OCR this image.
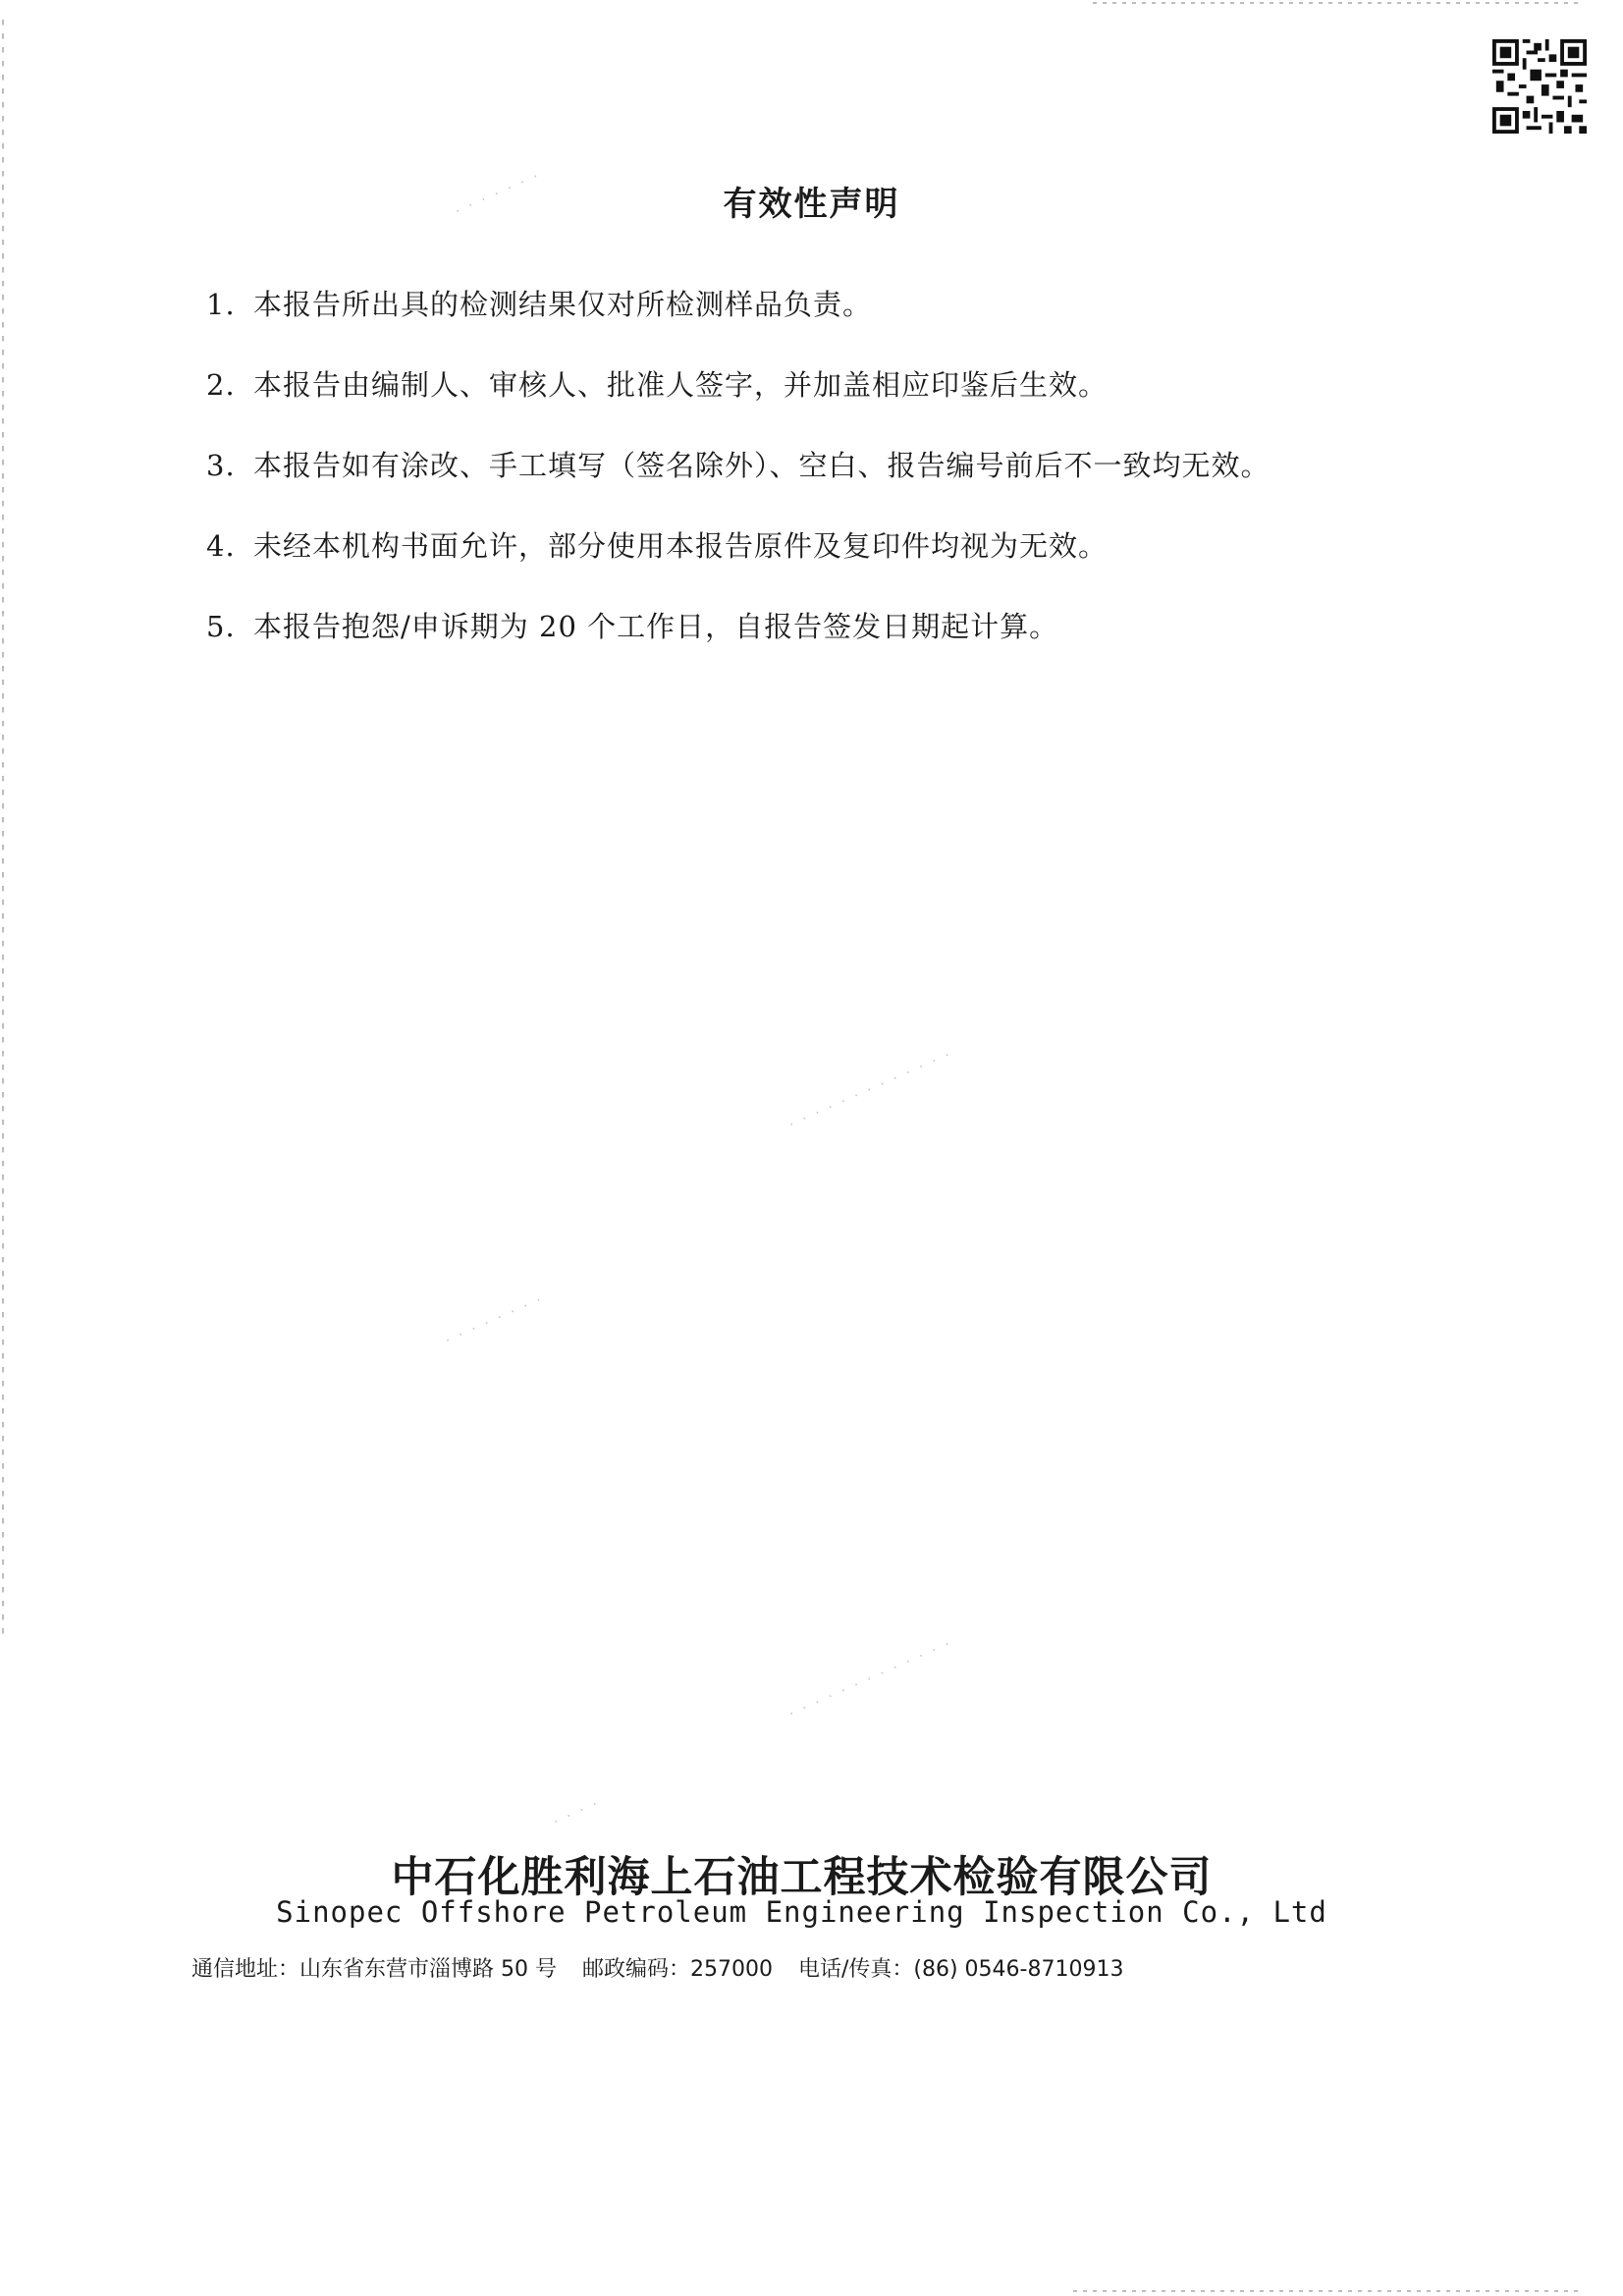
有效性声明
1. 本报告所出具的检测结果仅对所检测样品负责。
2. 本报告由编制人、审核人、批准人签字，并加盖相应印鉴后生效。
3. 本报告如有涂改、手工填写（签名除外）、空白、报告编号前后不一致均无效。
4. 未经本机构书面允许，部分使用本报告原件及复印件均视为无效。
5. 本报告抱怨/申诉期为 20 个工作日，自报告签发日期起计算。
· · · · · · ·
· · · · · · · · · · · · ·
· · · · · · · ·
· · · · · · · · · · · · ·
· · · ·
中石化胜利海上石油工程技术检验有限公司
Sinopec Offshore Petroleum Engineering Inspection Co., Ltd
通信地址：山东省东营市淄博路 50 号 邮政编码：257000 电话/传真：(86) 0546-8710913
